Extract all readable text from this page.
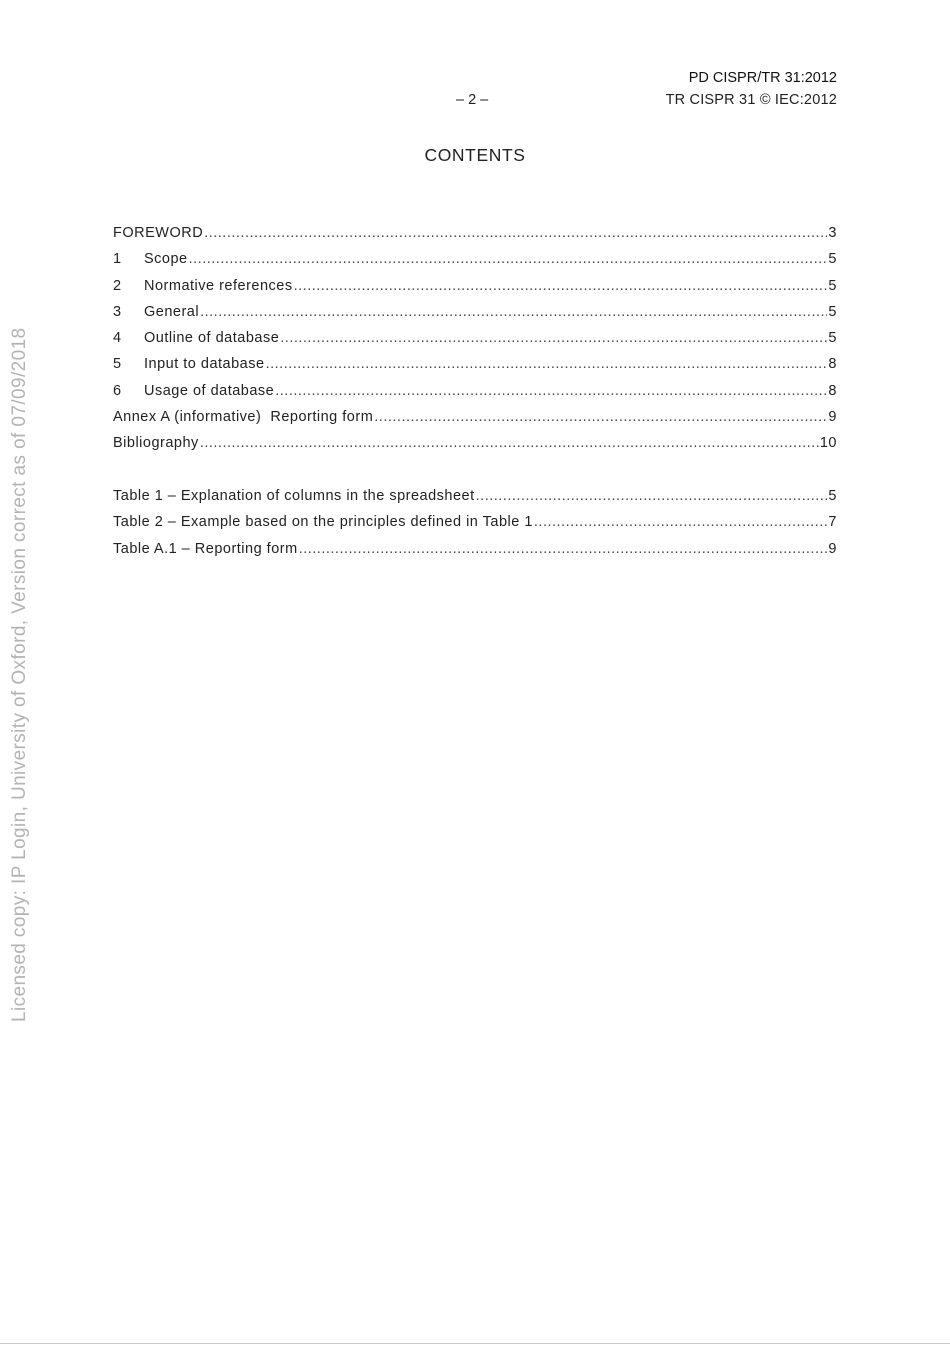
PD CISPR/TR 31:2012
– 2 –	TR CISPR 31 © IEC:2012
CONTENTS
FOREWORD .....	3
1	Scope .....	5
2	Normative references .....	5
3	General .....	5
4	Outline of database .....	5
5	Input to database .....	8
6	Usage of database .....	8
Annex A (informative)  Reporting form .....	9
Bibliography .....	10
Table 1 – Explanation of columns in the spreadsheet .....	5
Table 2 – Example based on the principles defined in Table 1 .....	7
Table A.1 – Reporting form .....	9
Licensed copy: IP Login, University of Oxford, Version correct as of 07/09/2018
